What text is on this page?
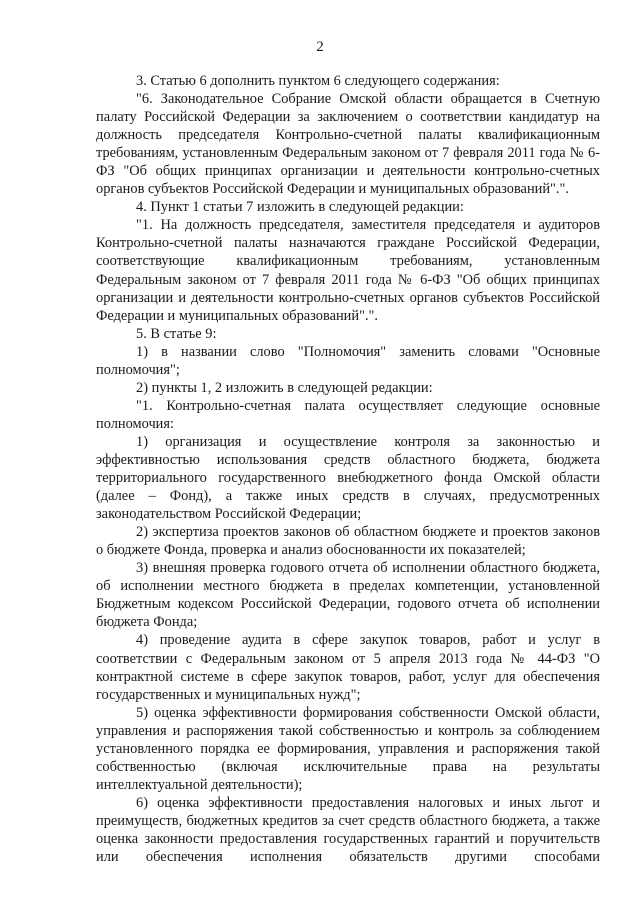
2

3. Статью 6 дополнить пунктом 6 следующего содержания:

"6. Законодательное Собрание Омской области обращается в Счетную палату Российской Федерации за заключением о соответствии кандидатур на должность председателя Контрольно-счетной палаты квалификационным требованиям, установленным Федеральным законом от 7 февраля 2011 года № 6-ФЗ "Об общих принципах организации и деятельности контрольно-счетных органов субъектов Российской Федерации и муниципальных образований".".

4. Пункт 1 статьи 7 изложить в следующей редакции:

"1. На должность председателя, заместителя председателя и аудиторов Контрольно-счетной палаты назначаются граждане Российской Федерации, соответствующие квалификационным требованиям, установленным Федеральным законом от 7 февраля 2011 года № 6-ФЗ "Об общих принципах организации и деятельности контрольно-счетных органов субъектов Российской Федерации и муниципальных образований".".

5. В статье 9:

1) в названии слово "Полномочия" заменить словами "Основные полномочия";

2) пункты 1, 2 изложить в следующей редакции:

"1. Контрольно-счетная палата осуществляет следующие основные полномочия:

1) организация и осуществление контроля за законностью и эффективностью использования средств областного бюджета, бюджета территориального государственного внебюджетного фонда Омской области (далее – Фонд), а также иных средств в случаях, предусмотренных законодательством Российской Федерации;

2) экспертиза проектов законов об областном бюджете и проектов законов о бюджете Фонда, проверка и анализ обоснованности их показателей;

3) внешняя проверка годового отчета об исполнении областного бюджета, об исполнении местного бюджета в пределах компетенции, установленной Бюджетным кодексом Российской Федерации, годового отчета об исполнении бюджета Фонда;

4) проведение аудита в сфере закупок товаров, работ и услуг в соответствии с Федеральным законом от 5 апреля 2013 года № 44-ФЗ "О контрактной системе в сфере закупок товаров, работ, услуг для обеспечения государственных и муниципальных нужд";

5) оценка эффективности формирования собственности Омской области, управления и распоряжения такой собственностью и контроль за соблюдением установленного порядка ее формирования, управления и распоряжения такой собственностью (включая исключительные права на результаты интеллектуальной деятельности);

6) оценка эффективности предоставления налоговых и иных льгот и преимуществ, бюджетных кредитов за счет средств областного бюджета, а также оценка законности предоставления государственных гарантий и поручительств или обеспечения исполнения обязательств другими способами
